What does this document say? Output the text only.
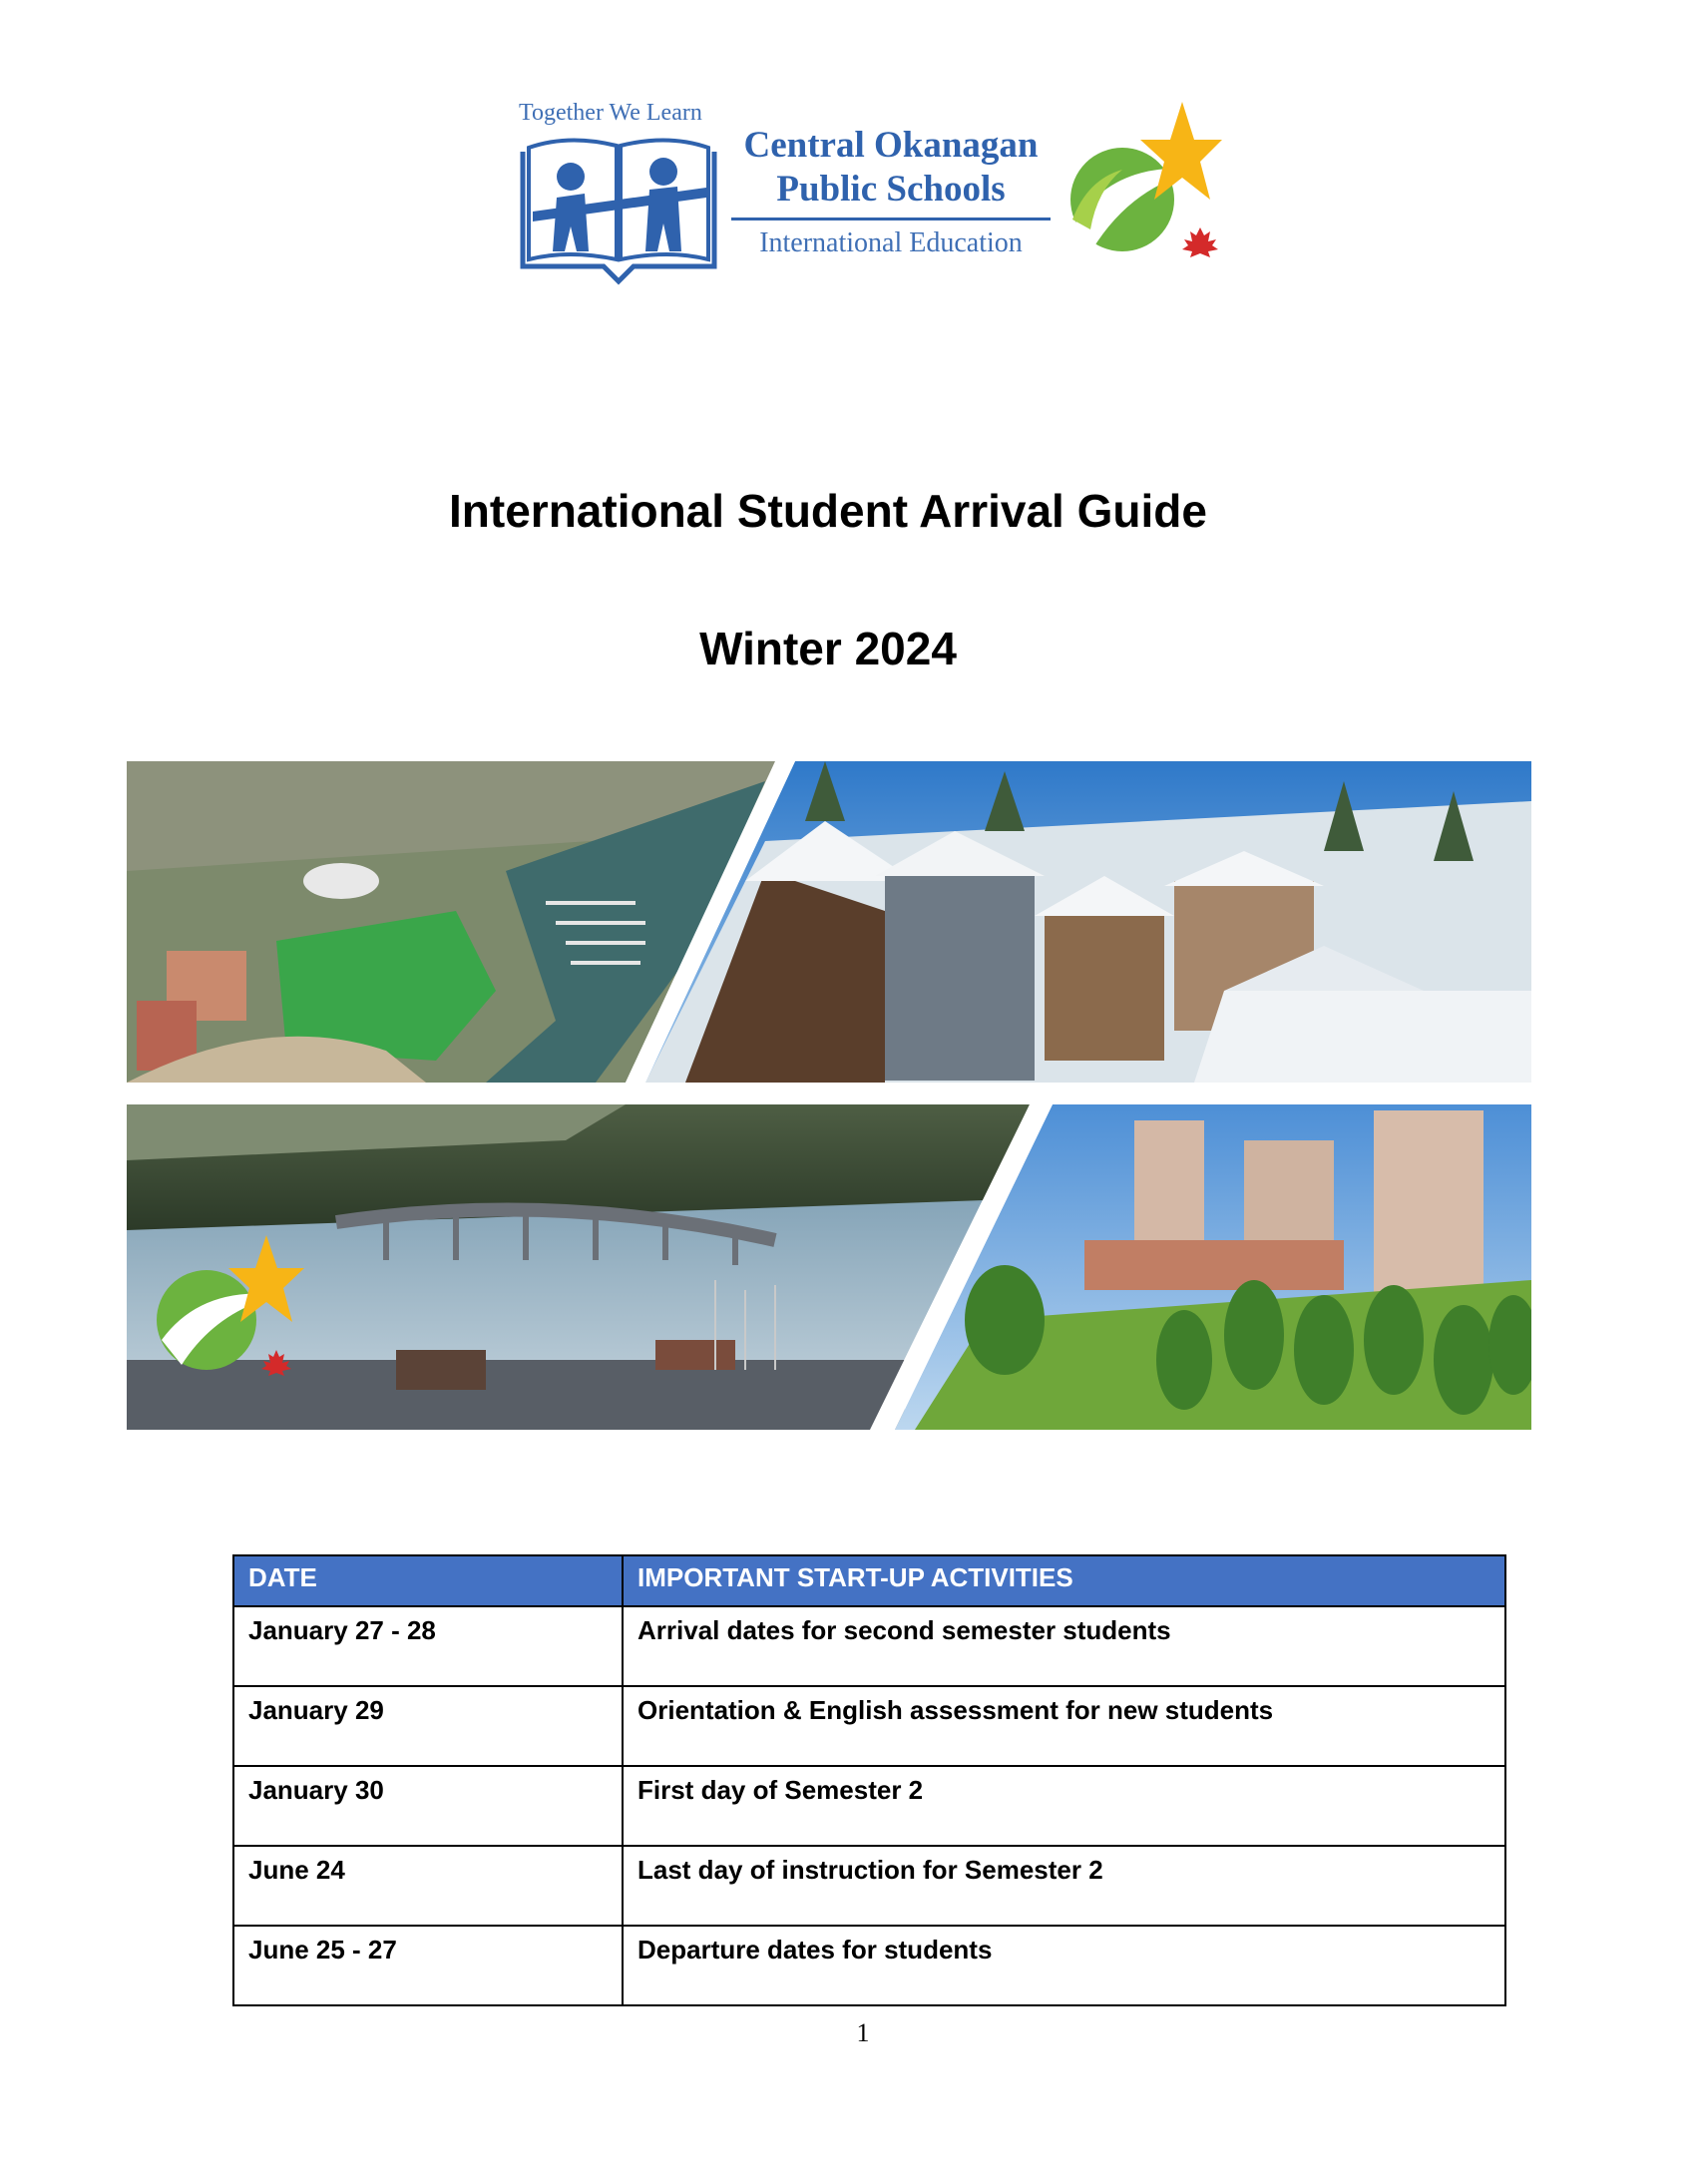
Together We Learn
Central Okanagan
Public Schools
International Education
International Student Arrival Guide
Winter 2024
DATE	IMPORTANT START-UP ACTIVITIES
January 27 - 28	Arrival dates for second semester students
January 29	Orientation & English assessment for new students
January 30	First day of Semester 2
June 24	Last day of instruction for Semester 2
June 25 - 27	Departure dates for students
1
